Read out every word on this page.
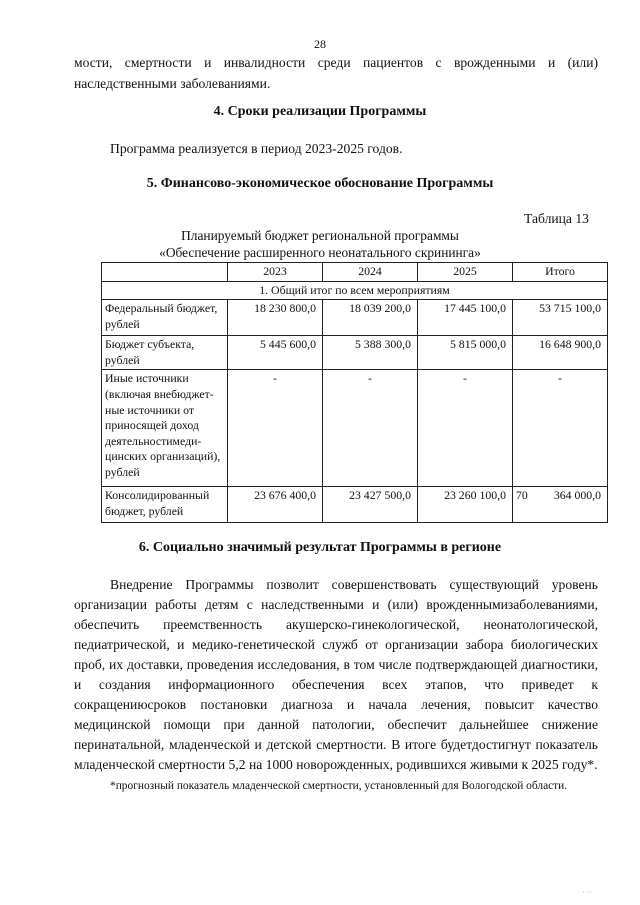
28
мости, смертности и инвалидности среди пациентов с врожденными и (или) наследственными заболеваниями.
4. Сроки реализации Программы
Программа реализуется в период 2023-2025 годов.
5. Финансово-экономическое обоснование Программы
Таблица 13
Планируемый бюджет региональной программы
«Обеспечение расширенного неонатального скрининга»
	2023	2024	2025	Итого
1. Общий итог по всем мероприятиям				
Федеральный бюджет, рублей	18 230 800,0	18 039 200,0	17 445 100,0	53 715 100,0
Бюджет субъекта, рублей	5 445 600,0	5 388 300,0	5 815 000,0	16 648 900,0
Иные источники (включая внебюджет-ные источники от приносящей доход деятельностимеди-цинских организаций), рублей	-	-	-	-
Консолидированный бюджет, рублей	23 676 400,0	23 427 500,0	23 260 100,0	70 364 000,0
6. Социально значимый результат Программы в регионе
Внедрение Программы позволит совершенствовать существующий уровень организации работы детям с наследственными и (или) врожденнымизаболеваниями, обеспечить преемственность акушерско-гинекологической, неонатологической, педиатрической, и медико-генетической служб от организации забора биологических проб, их доставки, проведения исследования, в том числе подтверждающей диагностики, и создания информационного обеспечения всех этапов, что приведет к сокращениюсроков постановки диагноза и начала лечения, повысит качество медицинской помощи при данной патологии, обеспечит дальнейшее снижение перинатальной, младенческой и детской смертности. В итоге будетдостигнут показатель младенческой смертности 5,2 на 1000 новорожденных, родившихся живыми к 2025 году*.
*прогнозный показатель младенческой смертности, установленный для Вологодской области.
· ··
